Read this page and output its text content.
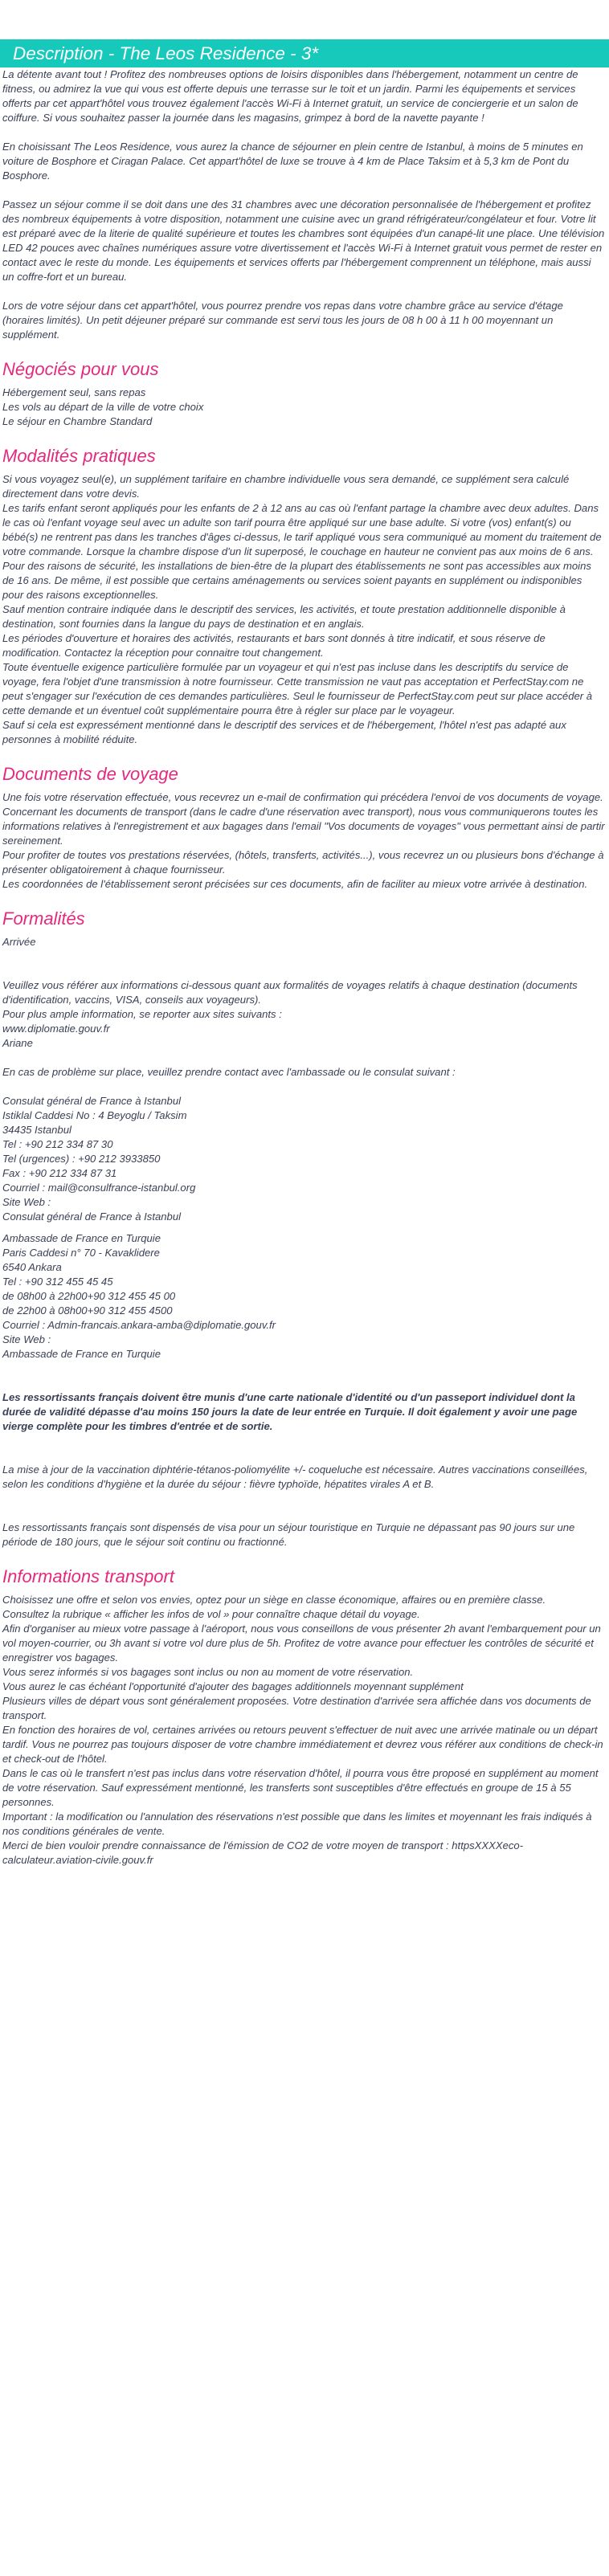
Description - The Leos Residence - 3*

La détente avant tout ! Profitez des nombreuses options de loisirs disponibles dans l'hébergement, notamment un centre de fitness, ou admirez la vue qui vous est offerte depuis une terrasse sur le toit et un jardin. Parmi les équipements et services offerts par cet appart'hôtel vous trouvez également l'accès Wi-Fi à Internet gratuit, un service de conciergerie et un salon de coiffure. Si vous souhaitez passer la journée dans les magasins, grimpez à bord de la navette payante !

En choisissant The Leos Residence, vous aurez la chance de séjourner en plein centre de Istanbul, à moins de 5 minutes en voiture de Bosphore et Ciragan Palace. Cet appart'hôtel de luxe se trouve à 4 km de Place Taksim et à 5,3 km de Pont du Bosphore.

Passez un séjour comme il se doit dans une des 31 chambres avec une décoration personnalisée de l'hébergement et profitez des nombreux équipements à votre disposition, notamment une cuisine avec un grand réfrigérateur/congélateur et four. Votre lit est préparé avec de la literie de qualité supérieure et toutes les chambres sont équipées d'un canapé-lit une place. Une télévision LED 42 pouces avec chaînes numériques assure votre divertissement et l'accès Wi-Fi à Internet gratuit vous permet de rester en contact avec le reste du monde. Les équipements et services offerts par l'hébergement comprennent un téléphone, mais aussi un coffre-fort et un bureau.

Lors de votre séjour dans cet appart'hôtel, vous pourrez prendre vos repas dans votre chambre grâce au service d'étage (horaires limités). Un petit déjeuner préparé sur commande est servi tous les jours de 08 h 00 à 11 h 00 moyennant un supplément.

Négociés pour vous

Hébergement seul, sans repas

Les vols au départ de la ville de votre choix

Le séjour en Chambre Standard

Modalités pratiques

Si vous voyagez seul(e), un supplément tarifaire en chambre individuelle vous sera demandé, ce supplément sera calculé directement dans votre devis.
Les tarifs enfant seront appliqués pour les enfants de 2 à 12 ans au cas où l'enfant partage la chambre avec deux adultes. Dans le cas où l'enfant voyage seul avec un adulte son tarif pourra être appliqué sur une base adulte. Si votre (vos) enfant(s) ou bébé(s) ne rentrent pas dans les tranches d'âges ci-dessus, le tarif appliqué vous sera communiqué au moment du traitement de votre commande. Lorsque la chambre dispose d'un lit superposé, le couchage en hauteur ne convient pas aux moins de 6 ans.
Pour des raisons de sécurité, les installations de bien-être de la plupart des établissements ne sont pas accessibles aux moins de 16 ans. De même, il est possible que certains aménagements ou services soient payants en supplément ou indisponibles pour des raisons exceptionnelles.
Sauf mention contraire indiquée dans le descriptif des services, les activités, et toute prestation additionnelle disponible à destination, sont fournies dans la langue du pays de destination et en anglais.
Les périodes d'ouverture et horaires des activités, restaurants et bars sont donnés à titre indicatif, et sous réserve de modification. Contactez la réception pour connaitre tout changement.
Toute éventuelle exigence particulière formulée par un voyageur et qui n'est pas incluse dans les descriptifs du service de voyage, fera l'objet d'une transmission à notre fournisseur. Cette transmission ne vaut pas acceptation et PerfectStay.com ne peut s'engager sur l'exécution de ces demandes particulières. Seul le fournisseur de PerfectStay.com peut sur place accéder à cette demande et un éventuel coût supplémentaire pourra être à régler sur place par le voyageur.
Sauf si cela est expressément mentionné dans le descriptif des services et de l'hébergement, l'hôtel n'est pas adapté aux personnes à mobilité réduite.

Documents de voyage

Une fois votre réservation effectuée, vous recevrez un e-mail de confirmation qui précédera l'envoi de vos documents de voyage.
Concernant les documents de transport (dans le cadre d'une réservation avec transport), nous vous communiquerons toutes les informations relatives à l'enregistrement et aux bagages dans l'email "Vos documents de voyages" vous permettant ainsi de partir sereinement.
Pour profiter de toutes vos prestations réservées, (hôtels, transferts, activités...), vous recevrez un ou plusieurs bons d'échange à présenter obligatoirement à chaque fournisseur.
Les coordonnées de l'établissement seront précisées sur ces documents, afin de faciliter au mieux votre arrivée à destination.

Formalités

Arrivée

Veuillez vous référer aux informations ci-dessous quant aux formalités de voyages relatifs à chaque destination (documents d'identification, vaccins, VISA, conseils aux voyageurs).
Pour plus ample information, se reporter aux sites suivants :
www.diplomatie.gouv.fr
Ariane

En cas de problème sur place, veuillez prendre contact avec l'ambassade ou le consulat suivant :

Consulat général de France à Istanbul
Istiklal Caddesi No : 4 Beyoglu / Taksim
34435 Istanbul
Tel : +90 212 334 87 30
Tel (urgences) : +90 212 3933850
Fax : +90 212 334 87 31
Courriel : mail@consulfrance-istanbul.org
Site Web :
Consulat général de France à Istanbul

Ambassade de France en Turquie
Paris Caddesi n° 70 - Kavaklidere
6540 Ankara
Tel : +90 312 455 45 45
de 08h00 à 22h00+90 312 455 45 00
de 22h00 à 08h00+90 312 455 4500
Courriel : Admin-francais.ankara-amba@diplomatie.gouv.fr
Site Web :
Ambassade de France en Turquie

Les ressortissants français doivent être munis d'une carte nationale d'identité ou d'un passeport individuel dont la durée de validité dépasse d'au moins 150 jours la date de leur entrée en Turquie. Il doit également y avoir une page vierge complète pour les timbres d'entrée et de sortie.

La mise à jour de la vaccination diphtérie-tétanos-poliomyélite +/- coqueluche est nécessaire. Autres vaccinations conseillées, selon les conditions d'hygiène et la durée du séjour : fièvre typhoïde, hépatites virales A et B.

Les ressortissants français sont dispensés de visa pour un séjour touristique en Turquie ne dépassant pas 90 jours sur une période de 180 jours, que le séjour soit continu ou fractionné.

Informations transport

Choisissez une offre et selon vos envies, optez pour un siège en classe économique, affaires ou en première classe.
Consultez la rubrique « afficher les infos de vol » pour connaître chaque détail du voyage.
Afin d'organiser au mieux votre passage à l'aéroport, nous vous conseillons de vous présenter 2h avant l'embarquement pour un vol moyen-courrier, ou 3h avant si votre vol dure plus de 5h. Profitez de votre avance pour effectuer les contrôles de sécurité et enregistrer vos bagages.
Vous serez informés si vos bagages sont inclus ou non au moment de votre réservation.
Vous aurez le cas échéant l'opportunité d'ajouter des bagages additionnels moyennant supplément
Plusieurs villes de départ vous sont généralement proposées. Votre destination d'arrivée sera affichée dans vos documents de transport.
En fonction des horaires de vol, certaines arrivées ou retours peuvent s'effectuer de nuit avec une arrivée matinale ou un départ tardif. Vous ne pourrez pas toujours disposer de votre chambre immédiatement et devrez vous référer aux conditions de check-in et check-out de l'hôtel.
Dans le cas où le transfert n'est pas inclus dans votre réservation d'hôtel, il pourra vous être proposé en supplément au moment de votre réservation. Sauf expressément mentionné, les transferts sont susceptibles d'être effectués en groupe de 15 à 55 personnes.
Important : la modification ou l'annulation des réservations n'est possible que dans les limites et moyennant les frais indiqués à nos conditions générales de vente.
Merci de bien vouloir prendre connaissance de l'émission de CO2 de votre moyen de transport : httpsXXXXeco-calculateur.aviation-civile.gouv.fr
